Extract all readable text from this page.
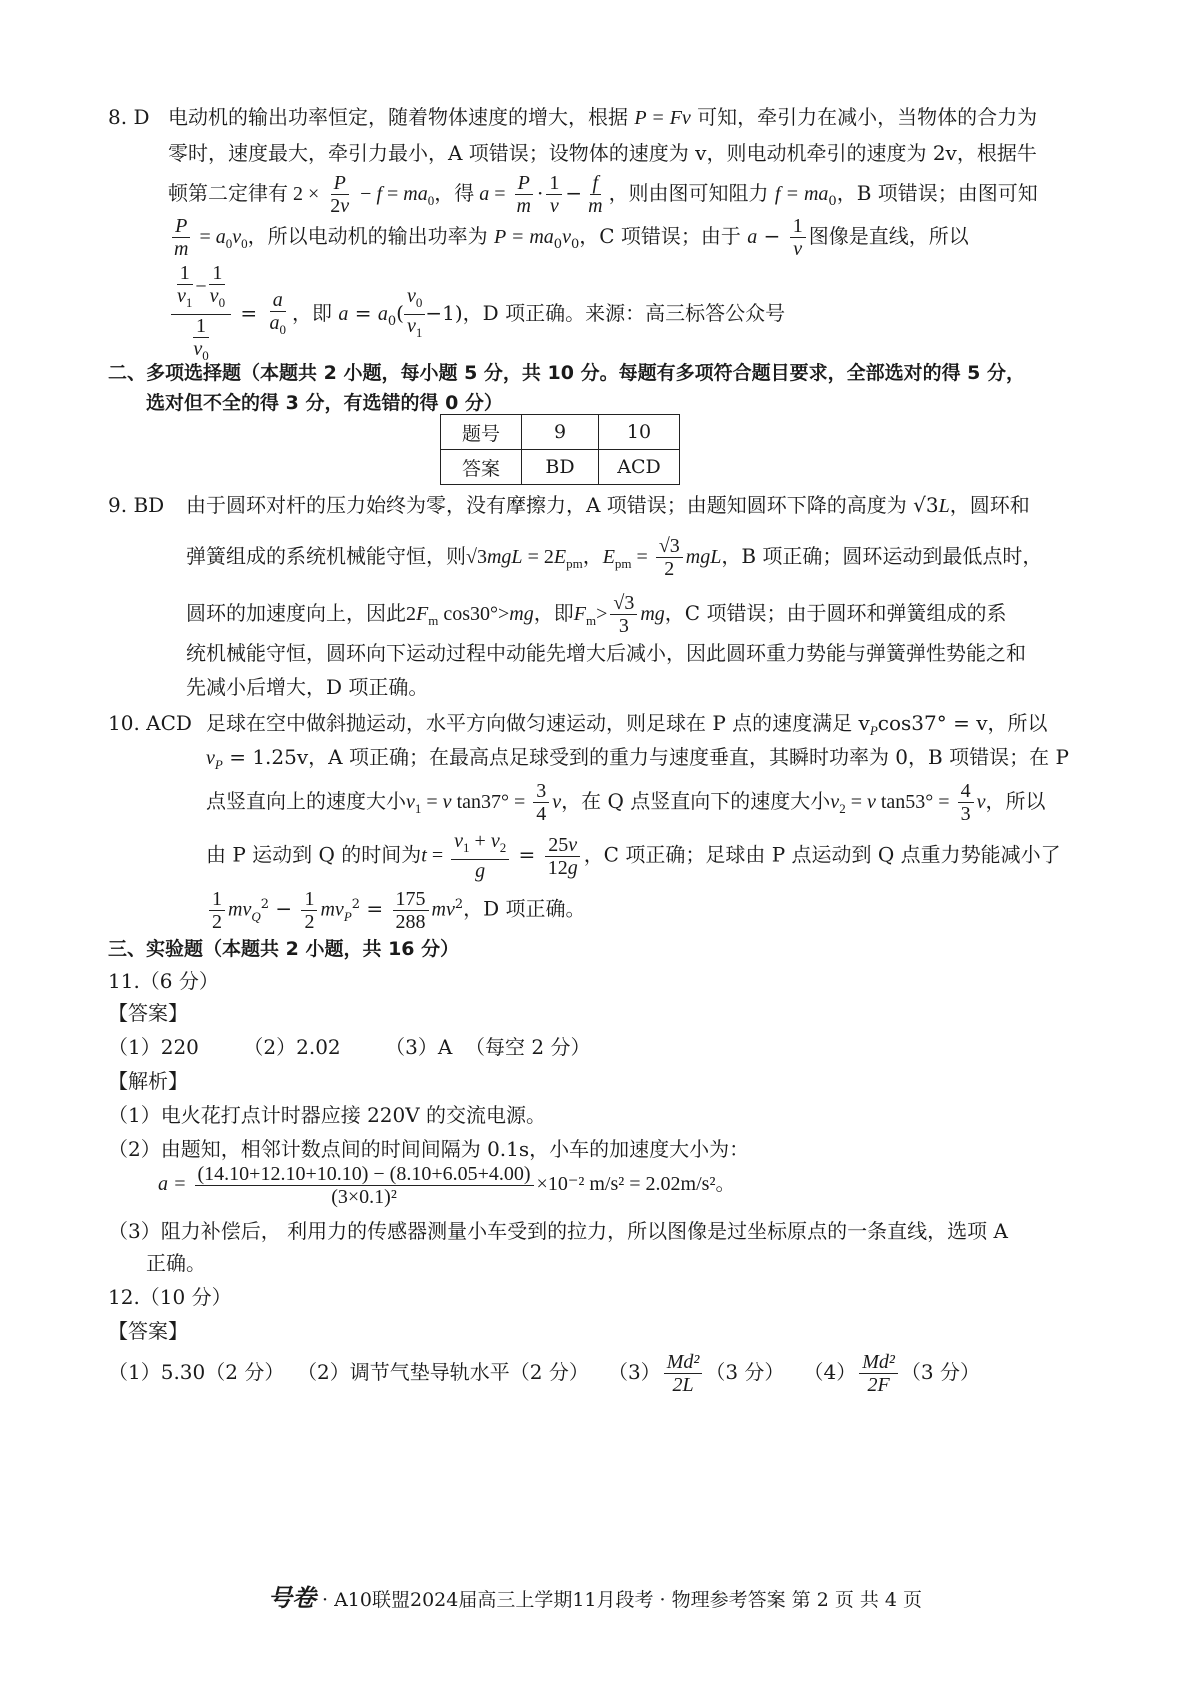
8. D 电动机的输出功率恒定，随着物体速度的增大，根据 P = Fv 可知，牵引力在减小，当物体的合力为
零时，速度最大，牵引力最小，A 项错误；设物体的速度为 v，则电动机牵引的速度为 2v，根据牛
顿第二定律有 $2 \times \frac{P}{2v} - f = ma_0$，得 $a = \frac{P}{m} \cdot \frac{1}{v} - \frac{f}{m}$ ，则由图可知阻力 $f = ma_0$，B 项错误；由图可知
$\frac{P}{m} = a_0v_0$，所以电动机的输出功率为 $P = ma_0v_0$，C 项错误；由于 $a - \frac{1}{v}$ 图像是直线，所以
$\frac{\frac{1}{v_1} - \frac{1}{v_0}}{\frac{1}{v_0}} = \frac{a}{a_0}$ ，即 $a = a_0( \frac{v_0}{v_1} -1)$，D 项正确。来源：高三标答公众号
二、多项选择题（本题共 2 小题，每小题 5 分，共 10 分。每题有多项符合题目要求，全部选对的得 5 分，
选对但不全的得 3 分，有选错的得 0 分）
题号	9	10
答案	BD	ACD
9. BD 由于圆环对杆的压力始终为零，没有摩擦力，A 项错误；由题知圆环下降的高度为 √3L，圆环和
弹簧组成的系统机械能守恒，则$√3mgL = 2E_{pm}$，$E_{pm} = \frac{√3}{2}$ mgL，B 项正确；圆环运动到最低点时，
圆环的加速度向上，因此$2F_m$ cos30°>mg，即$F_m> \frac{√3}{3}$ mg，C 项错误；由于圆环和弹簧组成的系
统机械能守恒，圆环向下运动过程中动能先增大后减小，因此圆环重力势能与弹簧弹性势能之和
先减小后增大，D 项正确。
10. ACD 足球在空中做斜抛运动，水平方向做匀速运动，则足球在 P 点的速度满足 $v_P\cos 37^\circ = v$，所以
$v_P = 1.25v$，A 项正确；在最高点足球受到的重力与速度垂直，其瞬时功率为 0，B 项错误；在 P
点竖直向上的速度大小$v_1 = v$ $\tan 37^\circ = \frac{3}{4}$ v，在 Q 点竖直向下的速度大小$v_2 = v$ $\tan 53^\circ = \frac{4}{3}$ v，所以
由 P 运动到 Q 的时间为$t = \frac{v_1 + v_2}{g} = \frac{25v}{12g}$ ，C 项正确；足球由 P 点运动到 Q 点重力势能减小了
$\frac{1}{2} mv_Q^2 - \frac{1}{2} mv_P^2 = \frac{175}{288} mv^2$，D 项正确。
三、实验题（本题共 2 小题，共 16 分）
11.（6 分）
【答案】
（1）220       （2）2.02       （3）A  （每空 2 分）
【解析】
（1）电火花打点计时器应接 220V 的交流电源。
（2）由题知，相邻计数点间的时间间隔为 0.1s，小车的加速度大小为：
$a = \frac{(14.10+12.10+10.10) - (8.10+6.05+4.00)}{\text{(3×0.1)²}} \times 10^{-2}$ m/s² = 2.02m/s²。
（3）阻力补偿后， 利用力的传感器测量小车受到的拉力，所以图像是过坐标原点的一条直线，选项 A
正确。
12.（10 分）
【答案】
（1）5.30（2 分） （2）调节气垫导轨水平（2 分） $(3) \frac{\text{Md²}}{2L} (3$ 分） $(4) \frac{\text{Md²}}{2F} (3$ 分）
号卷 · A10联盟2024届高三上学期11月段考 · 物理参考答案 第 2 页 共 4 页
